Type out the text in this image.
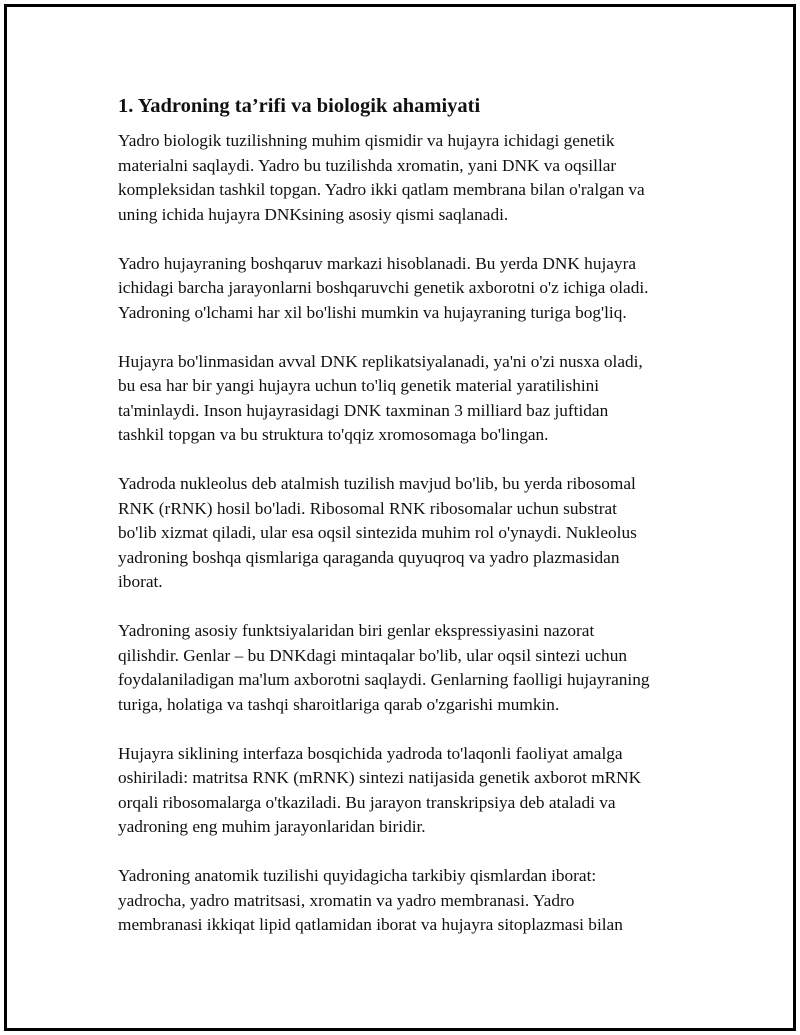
1. Yadroning ta’rifi va biologik ahamiyati

Yadro biologik tuzilishning muhim qismidir va hujayra ichidagi genetik
materialni saqlaydi. Yadro bu tuzilishda xromatin, yani DNK va oqsillar
kompleksidan tashkil topgan. Yadro ikki qatlam membrana bilan o'ralgan va
uning ichida hujayra DNKsining asosiy qismi saqlanadi.

Yadro hujayraning boshqaruv markazi hisoblanadi. Bu yerda DNK hujayra
ichidagi barcha jarayonlarni boshqaruvchi genetik axborotni o'z ichiga oladi.
Yadroning o'lchami har xil bo'lishi mumkin va hujayraning turiga bog'liq.

Hujayra bo'linmasidan avval DNK replikatsiyalanadi, ya'ni o'zi nusxa oladi,
bu esa har bir yangi hujayra uchun to'liq genetik material yaratilishini
ta'minlaydi. Inson hujayrasidagi DNK taxminan 3 milliard baz juftidan
tashkil topgan va bu struktura to'qqiz xromosomaga bo'lingan.

Yadroda nukleolus deb atalmish tuzilish mavjud bo'lib, bu yerda ribosomal
RNK (rRNK) hosil bo'ladi. Ribosomal RNK ribosomalar uchun substrat
bo'lib xizmat qiladi, ular esa oqsil sintezida muhim rol o'ynaydi. Nukleolus
yadroning boshqa qismlariga qaraganda quyuqroq va yadro plazmasidan
iborat.

Yadroning asosiy funktsiyalaridan biri genlar ekspressiyasini nazorat
qilishdir. Genlar – bu DNKdagi mintaqalar bo'lib, ular oqsil sintezi uchun
foydalaniladigan ma'lum axborotni saqlaydi. Genlarning faolligi hujayraning
turiga, holatiga va tashqi sharoitlariga qarab o'zgarishi mumkin.

Hujayra siklining interfaza bosqichida yadroda to'laqonli faoliyat amalga
oshiriladi: matritsa RNK (mRNK) sintezi natijasida genetik axborot mRNK
orqali ribosomalarga o'tkaziladi. Bu jarayon transkripsiya deb ataladi va
yadroning eng muhim jarayonlaridan biridir.

Yadroning anatomik tuzilishi quyidagicha tarkibiy qismlardan iborat:
yadrocha, yadro matritsasi, xromatin va yadro membranasi. Yadro
membranasi ikkiqat lipid qatlamidan iborat va hujayra sitoplazmasi bilan
